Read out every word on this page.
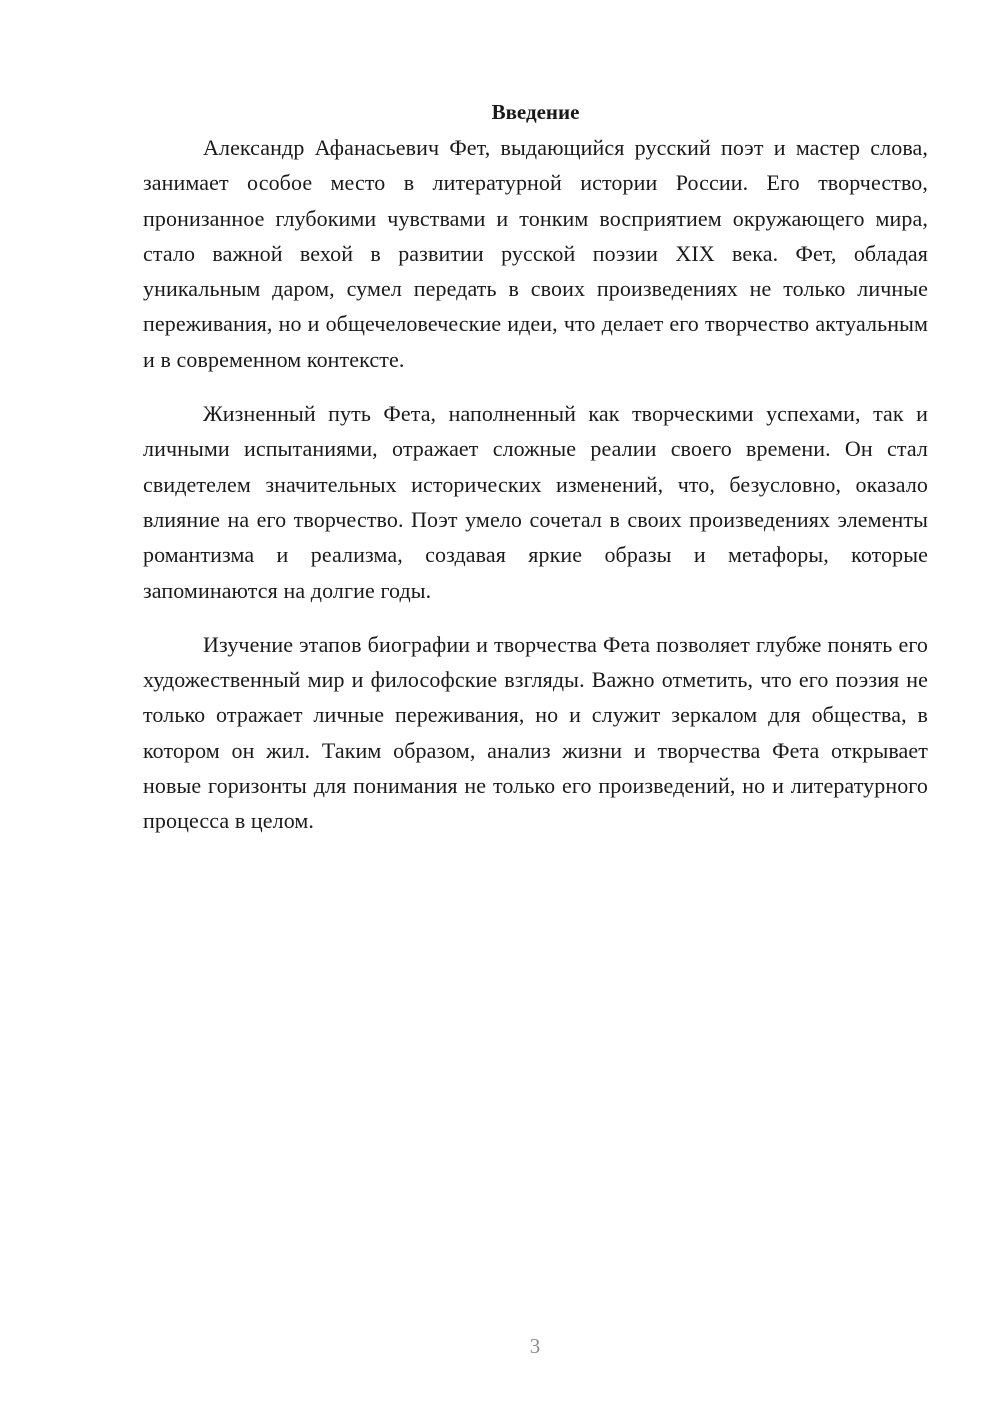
Введение

Александр Афанасьевич Фет, выдающийся русский поэт и мастер слова, занимает особое место в литературной истории России. Его творчество, пронизанное глубокими чувствами и тонким восприятием окружающего мира, стало важной вехой в развитии русской поэзии XIX века. Фет, обладая уникальным даром, сумел передать в своих произведениях не только личные переживания, но и общечеловеческие идеи, что делает его творчество актуальным и в современном контексте.

Жизненный путь Фета, наполненный как творческими успехами, так и личными испытаниями, отражает сложные реалии своего времени. Он стал свидетелем значительных исторических изменений, что, безусловно, оказало влияние на его творчество. Поэт умело сочетал в своих произведениях элементы романтизма и реализма, создавая яркие образы и метафоры, которые запоминаются на долгие годы.

Изучение этапов биографии и творчества Фета позволяет глубже понять его художественный мир и философские взгляды. Важно отметить, что его поэзия не только отражает личные переживания, но и служит зеркалом для общества, в котором он жил. Таким образом, анализ жизни и творчества Фета открывает новые горизонты для понимания не только его произведений, но и литературного процесса в целом.

3
